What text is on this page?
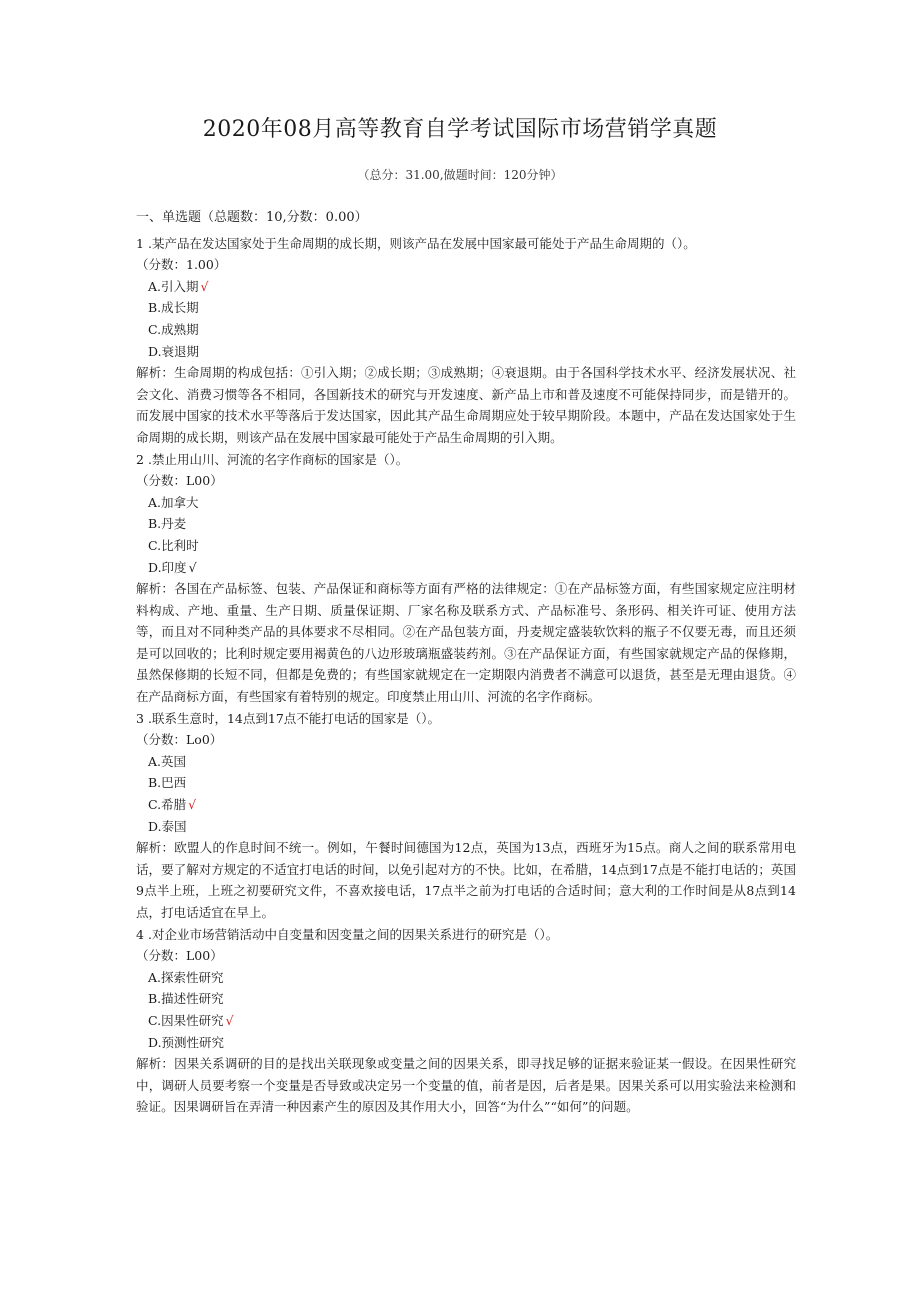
2020年08月高等教育自学考试国际市场营销学真题
（总分：31.00,做题时间：120分钟）
一、单选题（总题数：10,分数：0.00）
1 .某产品在发达国家处于生命周期的成长期，则该产品在发展中国家最可能处于产品生命周期的（）。
（分数：1.00）
A.引入期 √
B.成长期
C.成熟期
D.衰退期
解析：生命周期的构成包括：①引入期；②成长期；③成熟期；④衰退期。由于各国科学技术水平、经济发展状况、社会文化、消费习惯等各不相同，各国新技术的研究与开发速度、新产品上市和普及速度不可能保持同步，而是错开的。而发展中国家的技术水平等落后于发达国家，因此其产品生命周期应处于较早期阶段。本题中，产品在发达国家处于生命周期的成长期，则该产品在发展中国家最可能处于产品生命周期的引入期。
2 .禁止用山川、河流的名字作商标的国家是（）。
（分数：L00）
A.加拿大
B.丹麦
C.比利时
D.印度 √
解析：各国在产品标签、包装、产品保证和商标等方面有严格的法律规定：①在产品标签方面，有些国家规定应注明材料构成、产地、重量、生产日期、质量保证期、厂家名称及联系方式、产品标准号、条形码、相关许可证、使用方法等，而且对不同种类产品的具体要求不尽相同。②在产品包装方面，丹麦规定盛装软饮料的瓶子不仅要无毒，而且还须是可以回收的；比利时规定要用褐黄色的八边形玻璃瓶盛装药剂。③在产品保证方面，有些国家就规定产品的保修期，虽然保修期的长短不同，但都是免费的；有些国家就规定在一定期限内消费者不满意可以退货，甚至是无理由退货。④在产品商标方面，有些国家有着特别的规定。印度禁止用山川、河流的名字作商标。
3 .联系生意时，14点到17点不能打电话的国家是（）。
（分数：Lo0）
A.英国
B.巴西
C.希腊 √
D.泰国
解析：欧盟人的作息时间不统一。例如，午餐时间德国为12点，英国为13点，西班牙为15点。商人之间的联系常用电话，要了解对方规定的不适宜打电话的时间，以免引起对方的不快。比如，在希腊，14点到17点是不能打电话的；英国9点半上班，上班之初要研究文件，不喜欢接电话，17点半之前为打电话的合适时间；意大利的工作时间是从8点到14点，打电话适宜在早上。
4 .对企业市场营销活动中自变量和因变量之间的因果关系进行的研究是（）。
（分数：L00）
A.探索性研究
B.描述性研究
C.因果性研究 √
D.预测性研究
解析：因果关系调研的目的是找出关联现象或变量之间的因果关系，即寻找足够的证据来验证某一假设。在因果性研究中，调研人员要考察一个变量是否导致或决定另一个变量的值，前者是因，后者是果。因果关系可以用实验法来检测和验证。因果调研旨在弄清一种因素产生的原因及其作用大小，回答“为什么”“如何”的问题。
